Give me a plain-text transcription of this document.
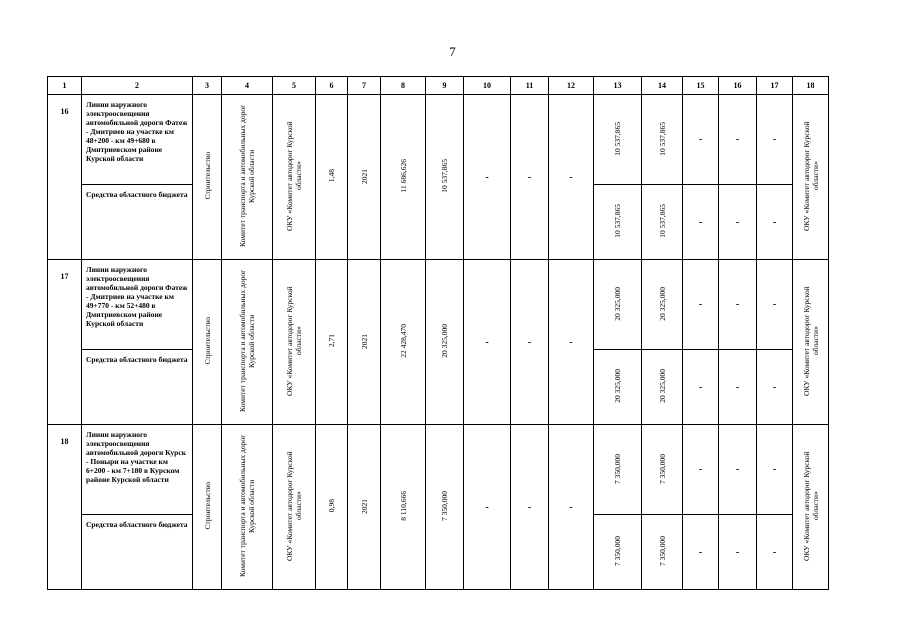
7
1	2	3	4	5	6	7	8	9	10	11	12	13	14	15	16	17	18
16	Линии наружного электроосвещения автомобильной дороги Фатеж - Дмитриев на участке км 48+200 - км 49+680 в Дмитриевском районе Курской области	Строительство	Комитет транспорта и автомобильных дорог Курской области	ОКУ «Комитет автодорог Курской области»	1,48	2021	11 686,626	10 537,865	-	-	-	10 537,865	10 537,865	-	-	-	ОКУ «Комитет автодорог Курской области»
	Средства областного бюджета											10 537,865	10 537,865	-	-	-	
17	Линии наружного электроосвещения автомобильной дороги Фатеж - Дмитриев на участке км 49+770 - км 52+480 в Дмитриевском районе Курской области	Строительство	Комитет транспорта и автомобильных дорог Курской области	ОКУ «Комитет автодорог Курской области»	2,71	2021	22 428,470	20 325,000	-	-	-	20 325,000	20 325,000	-	-	-	ОКУ «Комитет автодорог Курской области»
	Средства областного бюджета											20 325,000	20 325,000	-	-	-	
18	Линии наружного электроосвещения автомобильной дороги Курск - Поныри на участке км 6+200 - км 7+180 в Курском районе Курской области	Строительство	Комитет транспорта и автомобильных дорог Курской области	ОКУ «Комитет автодорог Курской области»	0,98	2021	8 110,666	7 350,000	-	-	-	7 350,000	7 350,000	-	-	-	ОКУ «Комитет автодорог Курской области»
	Средства областного бюджета											7 350,000	7 350,000	-	-	-	
